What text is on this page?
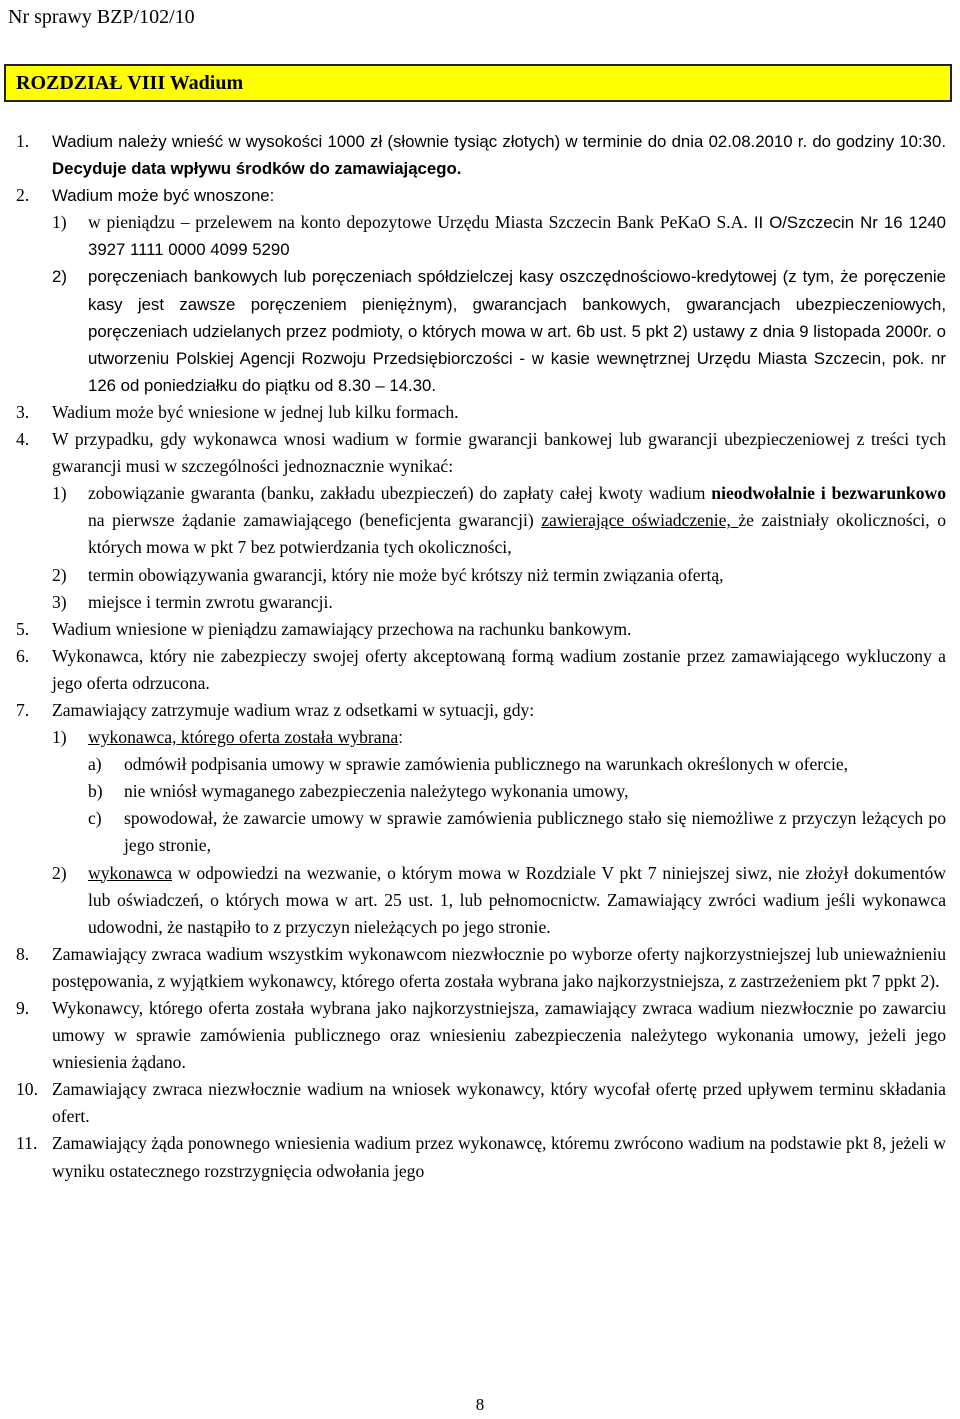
Nr sprawy BZP/102/10
ROZDZIAŁ VIII Wadium
1. Wadium należy wnieść w wysokości 1000 zł (słownie tysiąc złotych) w terminie do dnia 02.08.2010 r. do godziny 10:30. Decyduje data wpływu środków do zamawiającego.
2. Wadium może być wnoszone:
1) w pieniądzu – przelewem na konto depozytowe Urzędu Miasta Szczecin Bank PeKaO S.A. II O/Szczecin Nr 16 1240 3927 1111 0000 4099 5290
2) poręczeniach bankowych lub poręczeniach spółdzielczej kasy oszczędnościowo-kredytowej (z tym, że poręczenie kasy jest zawsze poręczeniem pieniężnym), gwarancjach bankowych, gwarancjach ubezpieczeniowych, poręczeniach udzielanych przez podmioty, o których mowa w art. 6b ust. 5 pkt 2) ustawy z dnia 9 listopada 2000r. o utworzeniu Polskiej Agencji Rozwoju Przedsiębiorczości - w kasie wewnętrznej Urzędu Miasta Szczecin, pok. nr 126 od poniedziałku do piątku od 8.30 – 14.30.
3. Wadium może być wniesione w jednej lub kilku formach.
4. W przypadku, gdy wykonawca wnosi wadium w formie gwarancji bankowej lub gwarancji ubezpieczeniowej z treści tych gwarancji musi w szczególności jednoznacznie wynikać:
1) zobowiązanie gwaranta (banku, zakładu ubezpieczeń) do zapłaty całej kwoty wadium nieodwołalnie i bezwarunkowo na pierwsze żądanie zamawiającego (beneficjenta gwarancji) zawierające oświadczenie, że zaistniały okoliczności, o których mowa w pkt 7 bez potwierdzania tych okoliczności,
2) termin obowiązywania gwarancji, który nie może być krótszy niż termin związania ofertą,
3) miejsce i termin zwrotu gwarancji.
5. Wadium wniesione w pieniądzu zamawiający przechowa na rachunku bankowym.
6. Wykonawca, który nie zabezpieczy swojej oferty akceptowaną formą wadium zostanie przez zamawiającego wykluczony a jego oferta odrzucona.
7. Zamawiający zatrzymuje wadium wraz z odsetkami w sytuacji, gdy:
1) wykonawca, którego oferta została wybrana:
a) odmówił podpisania umowy w sprawie zamówienia publicznego na warunkach określonych w ofercie,
b) nie wniósł wymaganego zabezpieczenia należytego wykonania umowy,
c) spowodował, że zawarcie umowy w sprawie zamówienia publicznego stało się niemożliwe z przyczyn leżących po jego stronie,
2) wykonawca w odpowiedzi na wezwanie, o którym mowa w Rozdziale V pkt 7 niniejszej siwz, nie złożył dokumentów lub oświadczeń, o których mowa w art. 25 ust. 1, lub pełnomocnictw. Zamawiający zwróci wadium jeśli wykonawca udowodni, że nastąpiło to z przyczyn nieleżących po jego stronie.
8. Zamawiający zwraca wadium wszystkim wykonawcom niezwłocznie po wyborze oferty najkorzystniejszej lub unieważnieniu postępowania, z wyjątkiem wykonawcy, którego oferta została wybrana jako najkorzystniejsza, z zastrzeżeniem pkt 7 ppkt 2).
9. Wykonawcy, którego oferta została wybrana jako najkorzystniejsza, zamawiający zwraca wadium niezwłocznie po zawarciu umowy w sprawie zamówienia publicznego oraz wniesieniu zabezpieczenia należytego wykonania umowy, jeżeli jego wniesienia żądano.
10. Zamawiający zwraca niezwłocznie wadium na wniosek wykonawcy, który wycofał ofertę przed upływem terminu składania ofert.
11. Zamawiający żąda ponownego wniesienia wadium przez wykonawcę, któremu zwrócono wadium na podstawie pkt 8, jeżeli w wyniku ostatecznego rozstrzygnięcia odwołania jego
8
